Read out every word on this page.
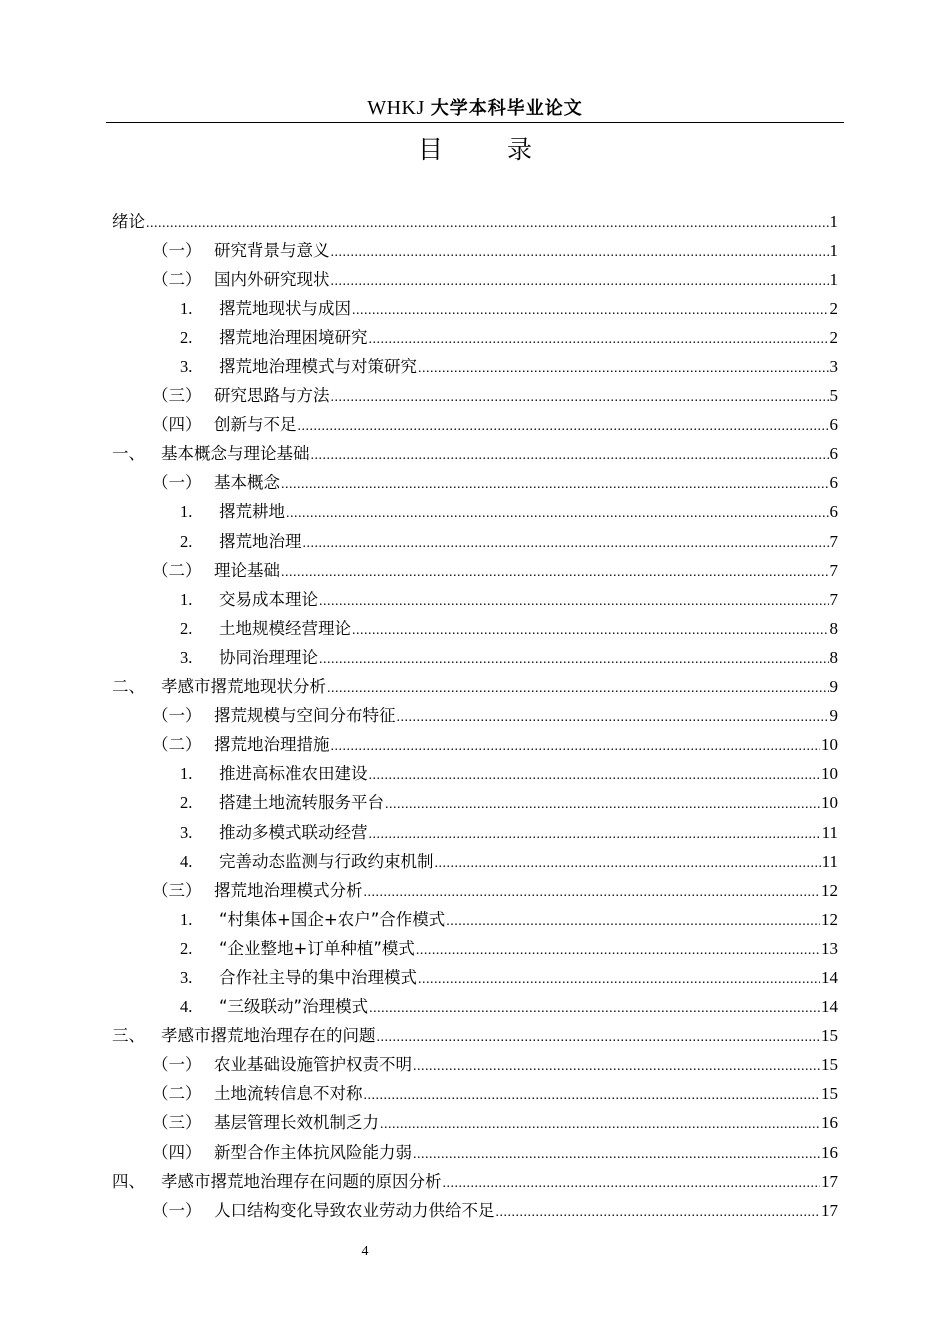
WHKJ 大学本科毕业论文
目 录
绪论 .....	1
（一） 研究背景与意义 .....	1
（二） 国内外研究现状 .....	1
1.	撂荒地现状与成因 .....	2
2.	撂荒地治理困境研究 .....	2
3.	撂荒地治理模式与对策研究 .....	3
（三） 研究思路与方法 .....	5
（四） 创新与不足 .....	6
一、 基本概念与理论基础 .....	6
（一） 基本概念 .....	6
1.	撂荒耕地 .....	6
2.	撂荒地治理 .....	7
（二） 理论基础 .....	7
1.	交易成本理论 .....	7
2.	土地规模经营理论 .....	8
3.	协同治理理论 .....	8
二、 孝感市撂荒地现状分析 .....	9
（一） 撂荒规模与空间分布特征 .....	9
（二） 撂荒地治理措施 .....	10
1.	推进高标准农田建设 .....	10
2.	搭建土地流转服务平台 .....	10
3.	推动多模式联动经营 .....	11
4.	完善动态监测与行政约束机制 .....	11
（三） 撂荒地治理模式分析 .....	12
1.	“村集体+国企+农户”合作模式 .....	12
2.	“企业整地+订单种植”模式 .....	13
3.	合作社主导的集中治理模式 .....	14
4.	“三级联动”治理模式 .....	14
三、 孝感市撂荒地治理存在的问题 .....	15
（一） 农业基础设施管护权责不明 .....	15
（二） 土地流转信息不对称 .....	15
（三） 基层管理长效机制乏力 .....	16
（四） 新型合作主体抗风险能力弱 .....	16
四、 孝感市撂荒地治理存在问题的原因分析 .....	17
（一） 人口结构变化导致农业劳动力供给不足 .....	17
4
